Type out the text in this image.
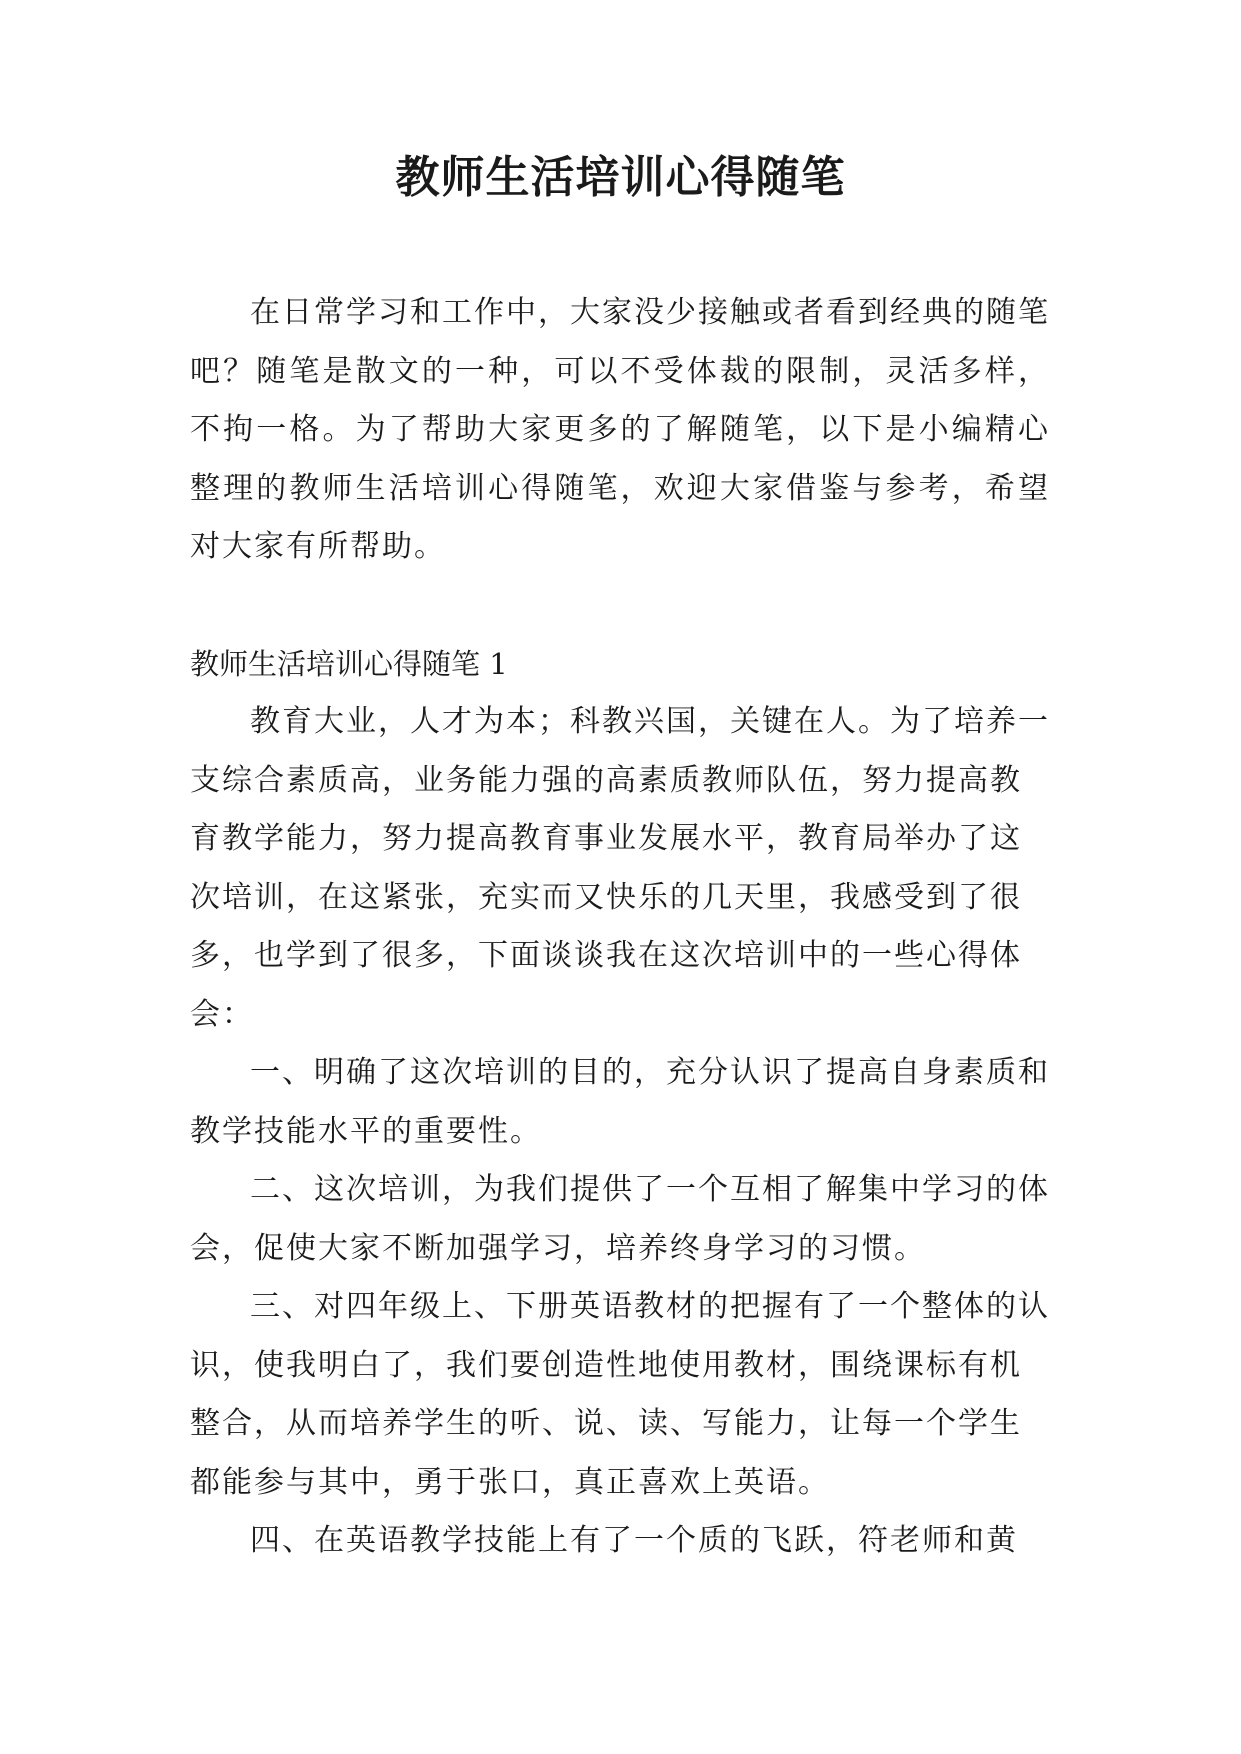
教师生活培训心得随笔

在日常学习和工作中，大家没少接触或者看到经典的随笔吧？随笔是散文的一种，可以不受体裁的限制，灵活多样，不拘一格。为了帮助大家更多的了解随笔，以下是小编精心整理的教师生活培训心得随笔，欢迎大家借鉴与参考，希望对大家有所帮助。

教师生活培训心得随笔 1

教育大业，人才为本；科教兴国，关键在人。为了培养一支综合素质高，业务能力强的高素质教师队伍，努力提高教育教学能力，努力提高教育事业发展水平，教育局举办了这次培训，在这紧张，充实而又快乐的几天里，我感受到了很多，也学到了很多，下面谈谈我在这次培训中的一些心得体会：

一、明确了这次培训的目的，充分认识了提高自身素质和教学技能水平的重要性。

二、这次培训，为我们提供了一个互相了解集中学习的体会，促使大家不断加强学习，培养终身学习的习惯。

三、对四年级上、下册英语教材的把握有了一个整体的认识，使我明白了，我们要创造性地使用教材，围绕课标有机整合，从而培养学生的听、说、读、写能力，让每一个学生都能参与其中，勇于张口，真正喜欢上英语。

四、在英语教学技能上有了一个质的飞跃，符老师和黄
